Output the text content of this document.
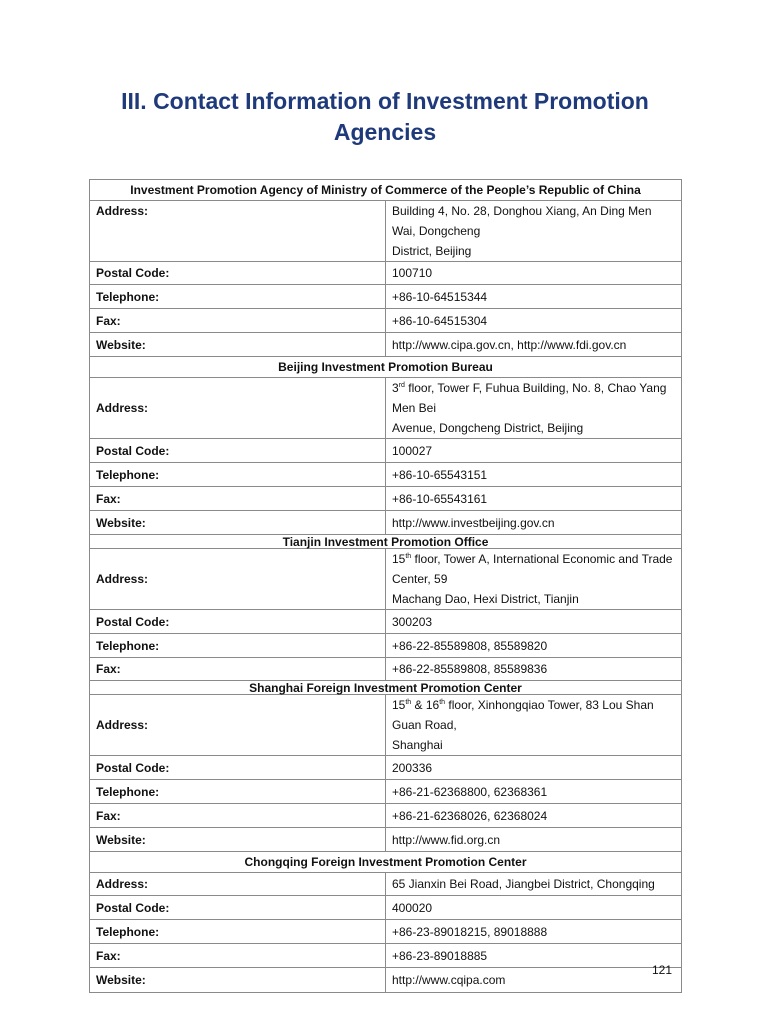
III. Contact Information of Investment Promotion
Agencies
Investment Promotion Agency of Ministry of Commerce of the People’s Republic of China	
Address:	Building 4, No. 28, Donghou Xiang, An Ding Men Wai, Dongcheng
District, Beijing

Postal Code:	100710
Telephone:	+86-10-64515344
Fax:	+86-10-64515304
Website:	http://www.cipa.gov.cn, http://www.fdi.gov.cn
Beijing Investment Promotion Bureau	
Address:	3rd floor, Tower F, Fuhua Building, No. 8, Chao Yang Men Bei
Avenue, Dongcheng District, Beijing

Postal Code:	100027
Telephone:	+86-10-65543151
Fax:	+86-10-65543161
Website:	http://www.investbeijing.gov.cn
Tianjin Investment Promotion Office	
Address:	15th floor, Tower A, International Economic and Trade Center, 59
Machang Dao, Hexi District, Tianjin

Postal Code:	300203
Telephone:	+86-22-85589808, 85589820
Fax:	+86-22-85589808, 85589836
Shanghai Foreign Investment Promotion Center	
Address:	15th & 16th floor, Xinhongqiao Tower, 83 Lou Shan Guan Road,
Shanghai

Postal Code:	200336
Telephone:	+86-21-62368800, 62368361
Fax:	+86-21-62368026, 62368024
Website:	http://www.fid.org.cn
Chongqing Foreign Investment Promotion Center	
Address:	65 Jianxin Bei Road, Jiangbei District, Chongqing
Postal Code:	400020
Telephone:	+86-23-89018215, 89018888
Fax:	+86-23-89018885
Website:	http://www.cqipa.com
121
